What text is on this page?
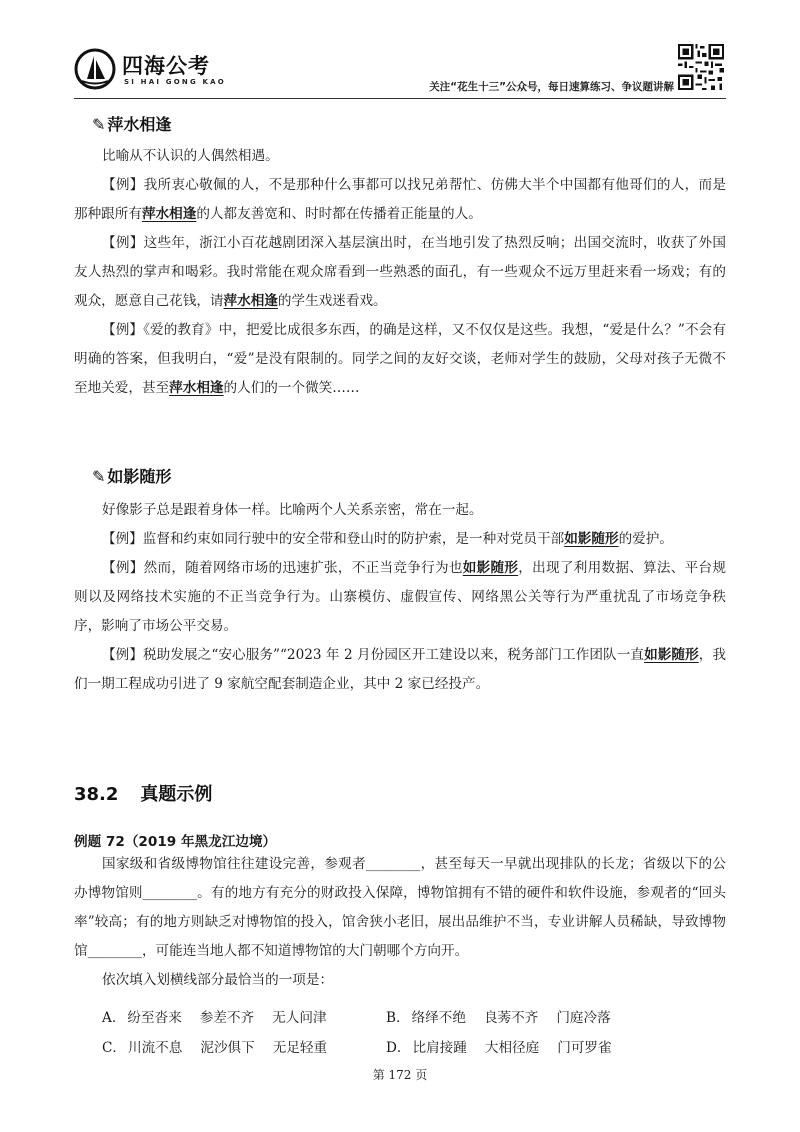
四海公考
SI HAI GONG KAO	关注“花生十三”公众号，每日速算练习、争议题讲解
✎ 萍水相逢

比喻从不认识的人偶然相遇。

【例】我所衷心敬佩的人，不是那种什么事都可以找兄弟帮忙、仿佛大半个中国都有他哥们的人，而是那种跟所有萍水相逢的人都友善宽和、时时都在传播着正能量的人。

【例】这些年，浙江小百花越剧团深入基层演出时，在当地引发了热烈反响；出国交流时，收获了外国友人热烈的掌声和喝彩。我时常能在观众席看到一些熟悉的面孔，有一些观众不远万里赶来看一场戏；有的观众，愿意自己花钱，请萍水相逢的学生戏迷看戏。

【例】《爱的教育》中，把爱比成很多东西，的确是这样，又不仅仅是这些。我想，“爱是什么？”不会有明确的答案，但我明白，“爱”是没有限制的。同学之间的友好交谈，老师对学生的鼓励，父母对孩子无微不至地关爱，甚至萍水相逢的人们的一个微笑……

✎ 如影随形

好像影子总是跟着身体一样。比喻两个人关系亲密，常在一起。

【例】监督和约束如同行驶中的安全带和登山时的防护索，是一种对党员干部如影随形的爱护。

【例】然而，随着网络市场的迅速扩张，不正当竞争行为也如影随形，出现了利用数据、算法、平台规则以及网络技术实施的不正当竞争行为。山寨模仿、虚假宣传、网络黑公关等行为严重扰乱了市场竞争秩序，影响了市场公平交易。

【例】税助发展之“安心服务”“2023 年 2 月份园区开工建设以来，税务部门工作团队一直如影随形，我们一期工程成功引进了 9 家航空配套制造企业，其中 2 家已经投产。

38.2 真题示例
例题 72（2019 年黑龙江边境）

国家级和省级博物馆往往建设完善，参观者________，甚至每天一早就出现排队的长龙；省级以下的公办博物馆则________。有的地方有充分的财政投入保障，博物馆拥有不错的硬件和软件设施，参观者的“回头率”较高；有的地方则缺乏对博物馆的投入，馆舍狭小老旧，展出品维护不当，专业讲解人员稀缺，导致博物馆________，可能连当地人都不知道博物馆的大门朝哪个方向开。

依次填入划横线部分最恰当的一项是：

A． 纷至沓来 参差不齐 无人问津	B． 络绎不绝 良莠不齐 门庭冷落
C． 川流不息 泥沙俱下 无足轻重	D． 比肩接踵 大相径庭 门可罗雀
第 172 页
